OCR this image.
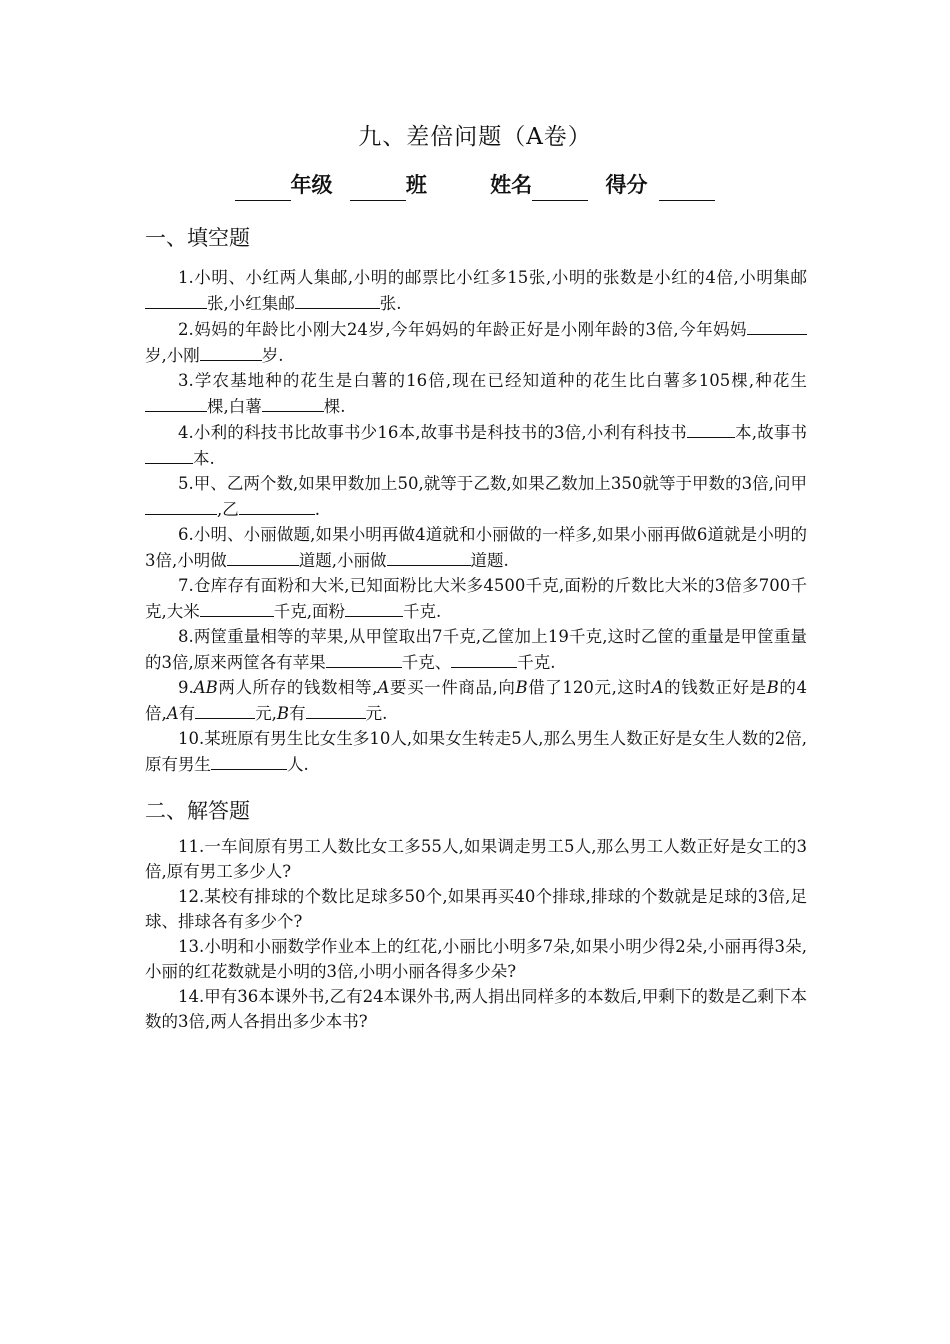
九、差倍问题（A卷）
年级	班	姓名	得分
一、填空题

1.小明、小红两人集邮,小明的邮票比小红多15张,小明的张数是小红的4倍,小明集邮张,小红集邮	张.

2.妈妈的年龄比小刚大24岁,今年妈妈的年龄正好是小刚年龄的3倍,今年妈妈岁,小刚	岁.

3.学农基地种的花生是白薯的16倍,现在已经知道种的花生比白薯多105棵,种花生棵,白薯	棵.

4.小利的科技书比故事书少16本,故事书是科技书的3倍,小利有科技书	本,故事书本.

5.甲、乙两个数,如果甲数加上50,就等于乙数,如果乙数加上350就等于甲数的3倍,问甲,乙	.

6.小明、小丽做题,如果小明再做4道就和小丽做的一样多,如果小丽再做6道就是小明的3倍,小明做	道题,小丽做	道题.

7.仓库存有面粉和大米,已知面粉比大米多4500千克,面粉的斤数比大米的3倍多700千克,大米	千克,面粉	千克.

8.两筐重量相等的苹果,从甲筐取出7千克,乙筐加上19千克,这时乙筐的重量是甲筐重量的3倍,原来两筐各有苹果	千克、	千克.

9.AB两人所存的钱数相等,A要买一件商品,向B借了120元,这时A的钱数正好是B的4倍,A有	元,B有	元.

10.某班原有男生比女生多10人,如果女生转走5人,那么男生人数正好是女生人数的2倍,原有男生	人.

二、解答题

11.一车间原有男工人数比女工多55人,如果调走男工5人,那么男工人数正好是女工的3倍,原有男工多少人?

12.某校有排球的个数比足球多50个,如果再买40个排球,排球的个数就是足球的3倍,足球、排球各有多少个?

13.小明和小丽数学作业本上的红花,小丽比小明多7朵,如果小明少得2朵,小丽再得3朵,小丽的红花数就是小明的3倍,小明小丽各得多少朵?

14.甲有36本课外书,乙有24本课外书,两人捐出同样多的本数后,甲剩下的数是乙剩下本数的3倍,两人各捐出多少本书?
